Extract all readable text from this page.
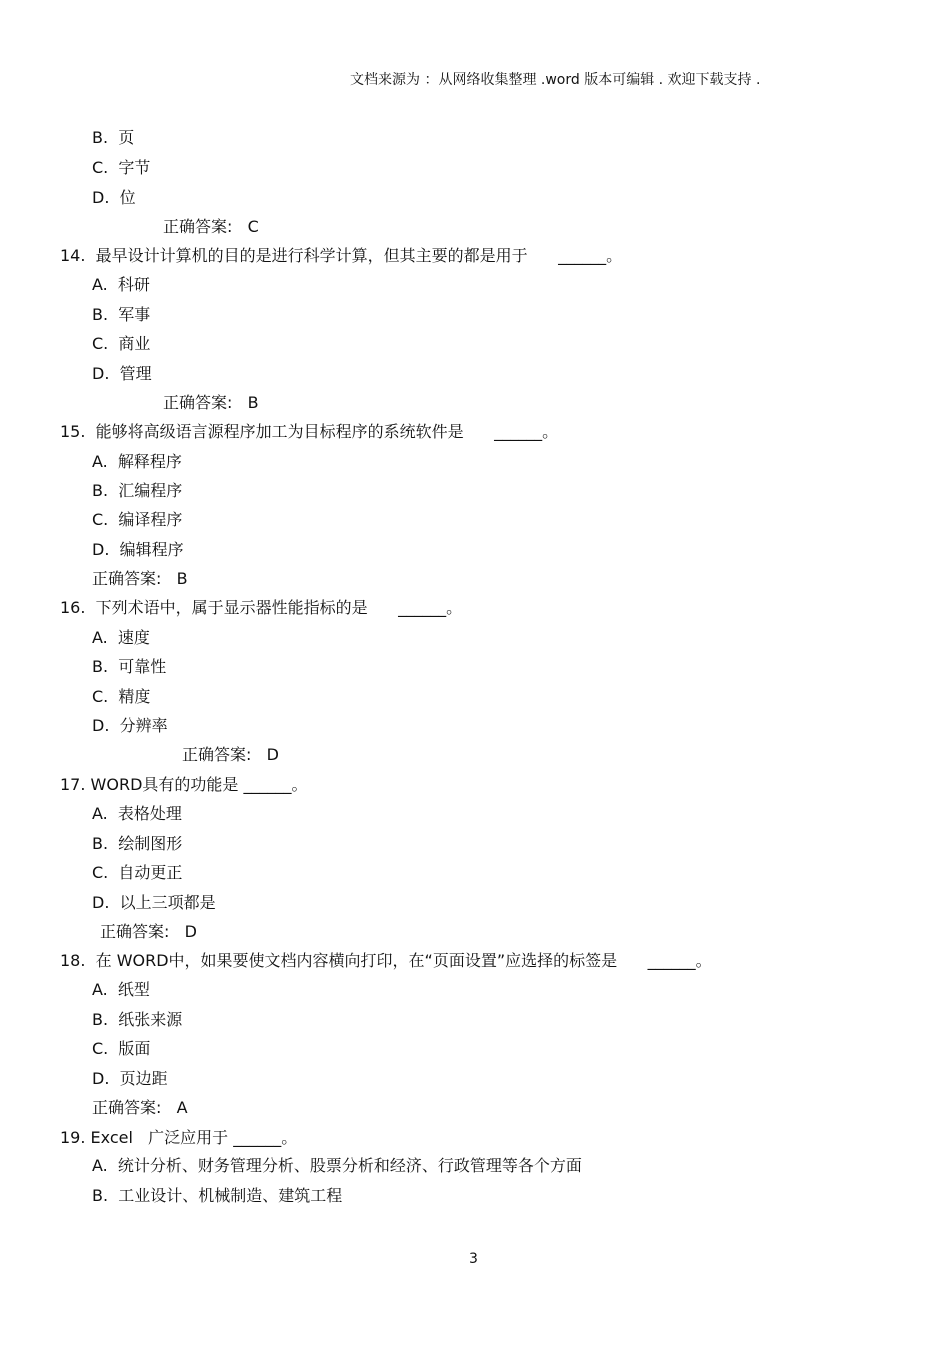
文档来源为 ：从网络收集整理 .word 版本可编辑 . 欢迎下载支持 .
B.  页
C.  字节
D.  位
正确答案:   C
14.  最早设计计算机的目的是进行科学计算，但其主要的都是用于      ______。
A.  科研
B.  军事
C.  商业
D.  管理
正确答案:   B
15.  能够将高级语言源程序加工为目标程序的系统软件是      ______。
A.  解释程序
B.  汇编程序
C.  编译程序
D.  编辑程序
正确答案:   B
16.  下列术语中，属于显示器性能指标的是      ______。
A.  速度
B.  可靠性
C.  精度
D.  分辨率
正确答案:   D
17. WORD具有的功能是 ______。
A.  表格处理
B.  绘制图形
C.  自动更正
D.  以上三项都是
正确答案:   D
18.  在 WORD中，如果要使文档内容横向打印，在“页面设置”应选择的标签是      ______。
A.  纸型
B.  纸张来源
C.  版面
D.  页边距
正确答案:   A
19. Excel   广泛应用于 ______。
A.  统计分析、财务管理分析、股票分析和经济、行政管理等各个方面
B.  工业设计、机械制造、建筑工程
3
